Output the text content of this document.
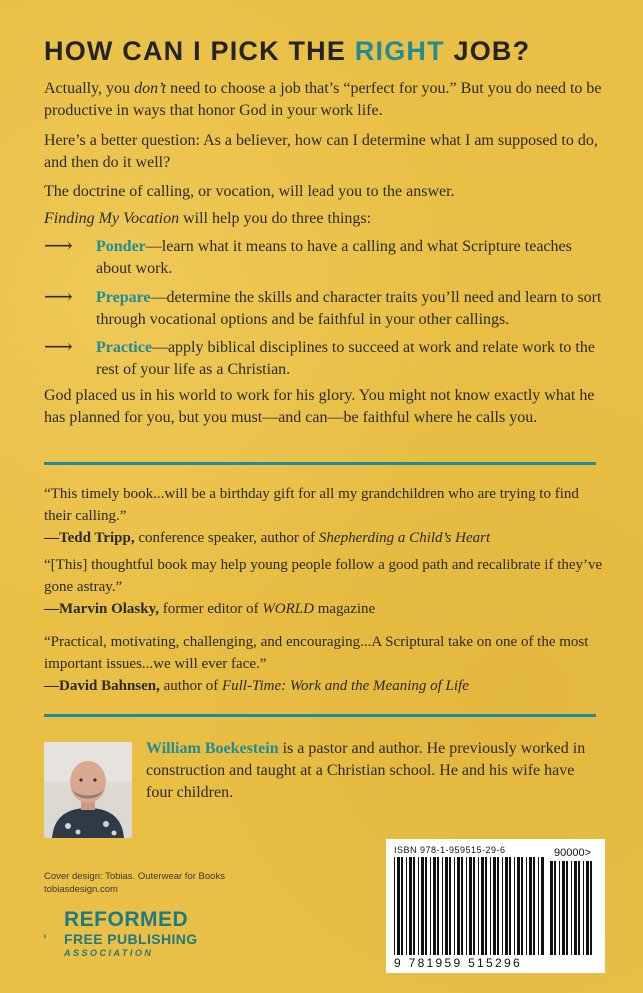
HOW CAN I PICK THE RIGHT JOB?

Actually, you don’t need to choose a job that’s “perfect for you.” But you do need to be productive in ways that honor God in your work life.

Here’s a better question: As a believer, how can I determine what I am supposed to do, and then do it well?

The doctrine of calling, or vocation, will lead you to the answer.

Finding My Vocation will help you do three things:

⟶ Ponder—learn what it means to have a calling and what Scripture teaches about work.
⟶ Prepare—determine the skills and character traits you’ll need and learn to sort through vocational options and be faithful in your other callings.
⟶ Practice—apply biblical disciplines to succeed at work and relate work to the rest of your life as a Christian.

God placed us in his world to work for his glory. You might not know exactly what he has planned for you, but you must—and can—be faithful where he calls you.

“This timely book...will be a birthday gift for all my grandchildren who are trying to find their calling.”
—Tedd Tripp, conference speaker, author of Shepherding a Child’s Heart
“[This] thoughtful book may help young people follow a good path and recalibrate if they’ve gone astray.”
—Marvin Olasky, former editor of WORLD magazine
“Practical, motivating, challenging, and encouraging...A Scriptural take on one of the most important issues...we will ever face.”
—David Bahnsen, author of Full-Time: Work and the Meaning of Life
William Boekestein is a pastor and author. He previously worked in construction and taught at a Christian school. He and his wife have four children.
Cover design: Tobias. Outerwear for Books
tobiasdesign.com
REFORMED
FREE PUBLISHING
ASSOCIATION
ISBN 978-1-959515-29-6	90000>
9 781959 515296
